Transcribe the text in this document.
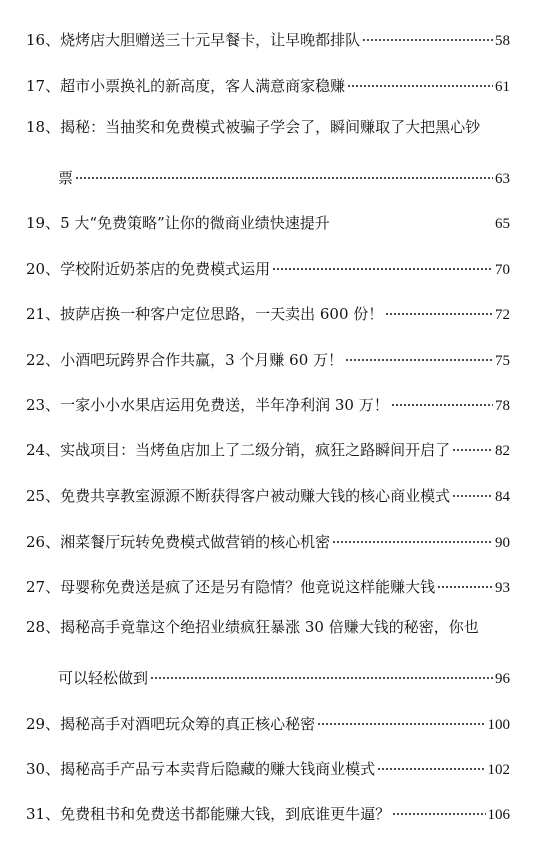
16、 烧烤店大胆赠送三十元早餐卡，让早晚都排队	58
17、 超市小票换礼的新高度，客人满意商家稳赚	61
18、揭秘：当抽奖和免费模式被骗子学会了，瞬间赚取了大把黑心钞
票	63
19、 5 大“免费策略”让你的微商业绩快速提升	65
20、 学校附近奶茶店的免费模式运用	70
21、 披萨店换一种客户定位思路，一天卖出 600 份！	72
22、 小酒吧玩跨界合作共赢，3 个月赚 60 万！	75
23、 一家小小水果店运用免费送，半年净利润 30 万！	78
24、 实战项目：当烤鱼店加上了二级分销，疯狂之路瞬间开启了	82
25、 免费共享教室源源不断获得客户被动赚大钱的核心商业模式	84
26、 湘菜餐厅玩转免费模式做营销的核心机密	90
27、 母婴称免费送是疯了还是另有隐情？他竟说这样能赚大钱	93
28、揭秘高手竟靠这个绝招业绩疯狂暴涨 30 倍赚大钱的秘密，你也
可以轻松做到	96
29、 揭秘高手对酒吧玩众筹的真正核心秘密	100
30、 揭秘高手产品亏本卖背后隐藏的赚大钱商业模式	102
31、 免费租书和免费送书都能赚大钱，到底谁更牛逼？	106
